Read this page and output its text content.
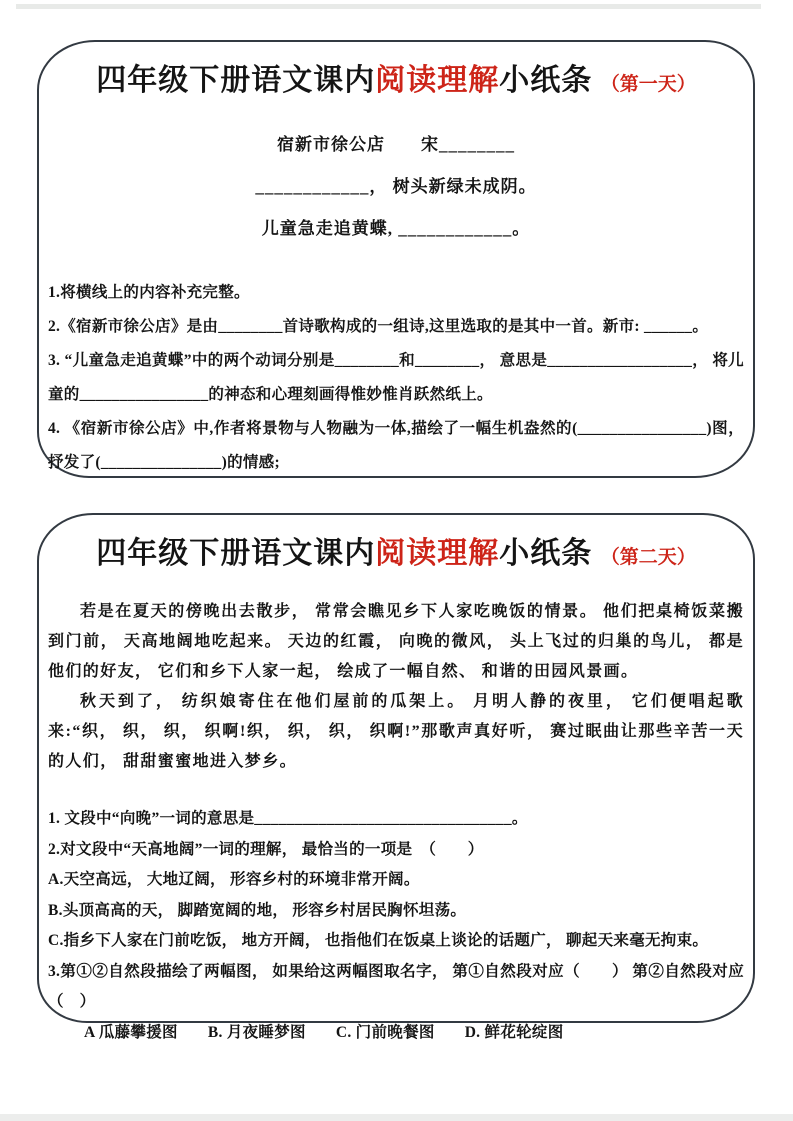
四年级下册语文课内阅读理解小纸条 （第一天）
宿新市徐公店　　宋________
____________， 树头新绿未成阴。
儿童急走追黄蝶, ____________。
1.将横线上的内容补充完整。
2.《宿新市徐公店》是由________首诗歌构成的一组诗,这里选取的是其中一首。新市: ______。
3. “儿童急走追黄蝶”中的两个动词分别是________和________， 意思是__________________， 将儿童的________________的神态和心理刻画得惟妙惟肖跃然纸上。
4. 《宿新市徐公店》中,作者将景物与人物融为一体,描绘了一幅生机盎然的(________________)图， 抒发了(_______________)的情感;
四年级下册语文课内阅读理解小纸条 （第二天）

若是在夏天的傍晚出去散步， 常常会瞧见乡下人家吃晚饭的情景。 他们把桌椅饭菜搬到门前， 天高地阔地吃起来。 天边的红霞， 向晚的微风， 头上飞过的归巢的鸟儿， 都是他们的好友， 它们和乡下人家一起， 绘成了一幅自然、 和谐的田园风景画。

秋天到了， 纺织娘寄住在他们屋前的瓜架上。 月明人静的夜里， 它们便唱起歌来:“织， 织， 织， 织啊!织， 织， 织， 织啊!”那歌声真好听， 赛过眠曲让那些辛苦一天的人们， 甜甜蜜蜜地进入梦乡。

1. 文段中“向晚”一词的意思是________________________________。
2.对文段中“天高地阔”一词的理解， 最恰当的一项是　（　　）
A.天空高远， 大地辽阔， 形容乡村的环境非常开阔。
B.头顶高高的天， 脚踏宽阔的地， 形容乡村居民胸怀坦荡。
C.指乡下人家在门前吃饭， 地方开阔， 也指他们在饭桌上谈论的话题广， 聊起天来毫无拘束。
3.第①②自然段描绘了两幅图， 如果给这两幅图取名字， 第①自然段对应（　　） 第②自然段对应（　）
A 瓜藤攀援图 B. 月夜睡梦图 C. 门前晚餐图 D. 鲜花轮绽图
